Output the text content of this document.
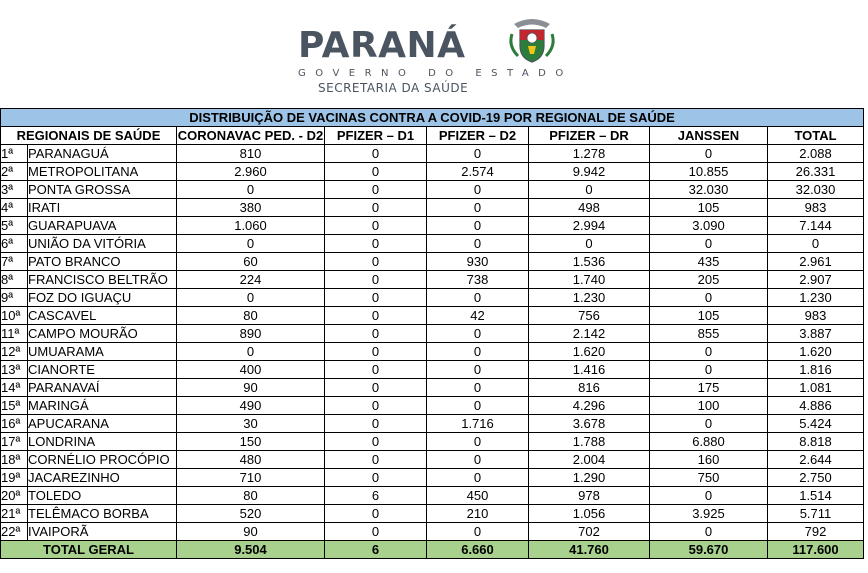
PARANÁ
GOVERNO DO ESTADO
SECRETARIA DA SAÚDE
DISTRIBUIÇÃO DE VACINAS CONTRA A COVID-19 POR REGIONAL DE SAÚDE							
REGIONAIS DE SAÚDE		CORONAVAC PED. - D2	PFIZER – D1	PFIZER – D2	PFIZER – DR	JANSSEN	TOTAL
1ª	PARANAGUÁ	810	0	0	1.278	0	2.088
2ª	METROPOLITANA	2.960	0	2.574	9.942	10.855	26.331
3ª	PONTA GROSSA	0	0	0	0	32.030	32.030
4ª	IRATI	380	0	0	498	105	983
5ª	GUARAPUAVA	1.060	0	0	2.994	3.090	7.144
6ª	UNIÃO DA VITÓRIA	0	0	0	0	0	0
7ª	PATO BRANCO	60	0	930	1.536	435	2.961
8ª	FRANCISCO BELTRÃO	224	0	738	1.740	205	2.907
9ª	FOZ DO IGUAÇU	0	0	0	1.230	0	1.230
10ª	CASCAVEL	80	0	42	756	105	983
11ª	CAMPO MOURÃO	890	0	0	2.142	855	3.887
12ª	UMUARAMA	0	0	0	1.620	0	1.620
13ª	CIANORTE	400	0	0	1.416	0	1.816
14ª	PARANAVAÍ	90	0	0	816	175	1.081
15ª	MARINGÁ	490	0	0	4.296	100	4.886
16ª	APUCARANA	30	0	1.716	3.678	0	5.424
17ª	LONDRINA	150	0	0	1.788	6.880	8.818
18ª	CORNÉLIO PROCÓPIO	480	0	0	2.004	160	2.644
19ª	JACAREZINHO	710	0	0	1.290	750	2.750
20ª	TOLEDO	80	6	450	978	0	1.514
21ª	TELÊMACO BORBA	520	0	210	1.056	3.925	5.711
22ª	IVAIPORÃ	90	0	0	702	0	792
TOTAL GERAL		9.504	6	6.660	41.760	59.670	117.600
